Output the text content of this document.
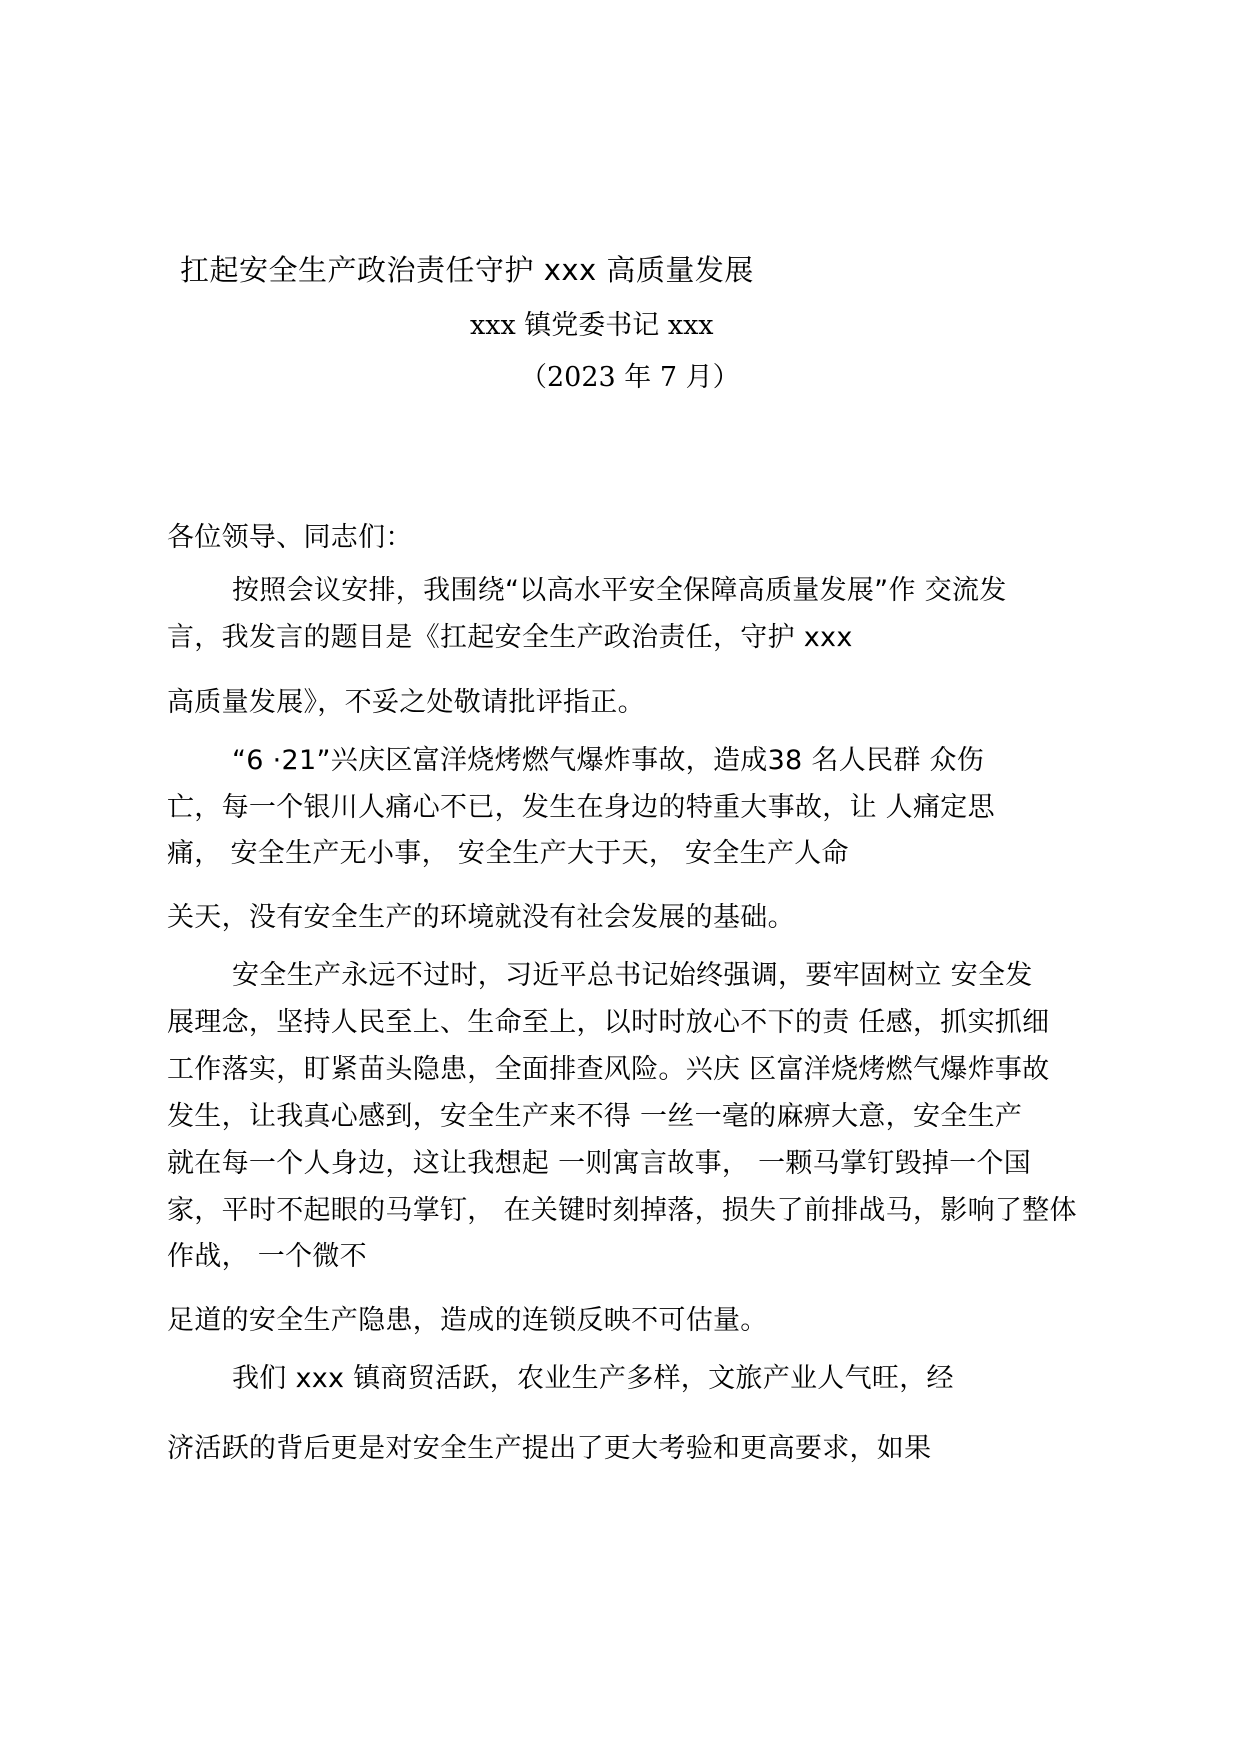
扛起安全生产政治责任守护 xxx 高质量发展
xxx 镇党委书记 xxx
（2023 年 7 月）
各位领导、同志们：
按照会议安排，我围绕“以高水平安全保障高质量发展”作 交流发
言，我发言的题目是《扛起安全生产政治责任，守护 xxx
高质量发展》，不妥之处敬请批评指正。
“6 ·21”兴庆区富洋烧烤燃气爆炸事故，造成38 名人民群 众伤
亡，每一个银川人痛心不已，发生在身边的特重大事故，让 人痛定思
痛， 安全生产无小事， 安全生产大于天， 安全生产人命
关天，没有安全生产的环境就没有社会发展的基础。
安全生产永远不过时，习近平总书记始终强调，要牢固树立 安全发
展理念，坚持人民至上、生命至上，以时时放心不下的责 任感，抓实抓细
工作落实，盯紧苗头隐患，全面排查风险。兴庆 区富洋烧烤燃气爆炸事故
发生，让我真心感到，安全生产来不得 一丝一毫的麻痹大意，安全生产
就在每一个人身边，这让我想起 一则寓言故事， 一颗马掌钉毁掉一个国
家，平时不起眼的马掌钉， 在关键时刻掉落，损失了前排战马，影响了整体
作战， 一个微不
足道的安全生产隐患，造成的连锁反映不可估量。
我们 xxx 镇商贸活跃，农业生产多样，文旅产业人气旺，经
济活跃的背后更是对安全生产提出了更大考验和更高要求，如果
